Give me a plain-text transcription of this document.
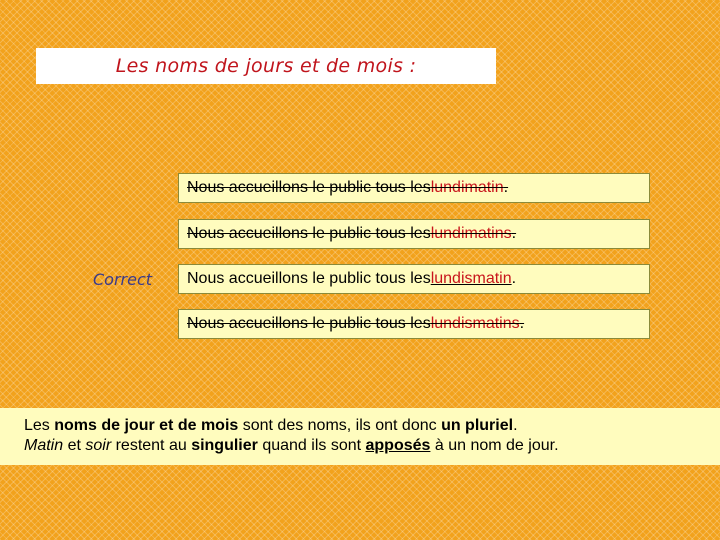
Les noms de jours et de mois :
Nous accueillons le public tous les lundi matin .
Nous accueillons le public tous les lundi matins .
Correct Nous accueillons le public tous les lundis matin .
Nous accueillons le public tous les lundis matins .
Les noms de jour et de mois sont des noms, ils ont donc un pluriel.
Matin et soir restent au singulier quand ils sont apposés à un nom de jour.
